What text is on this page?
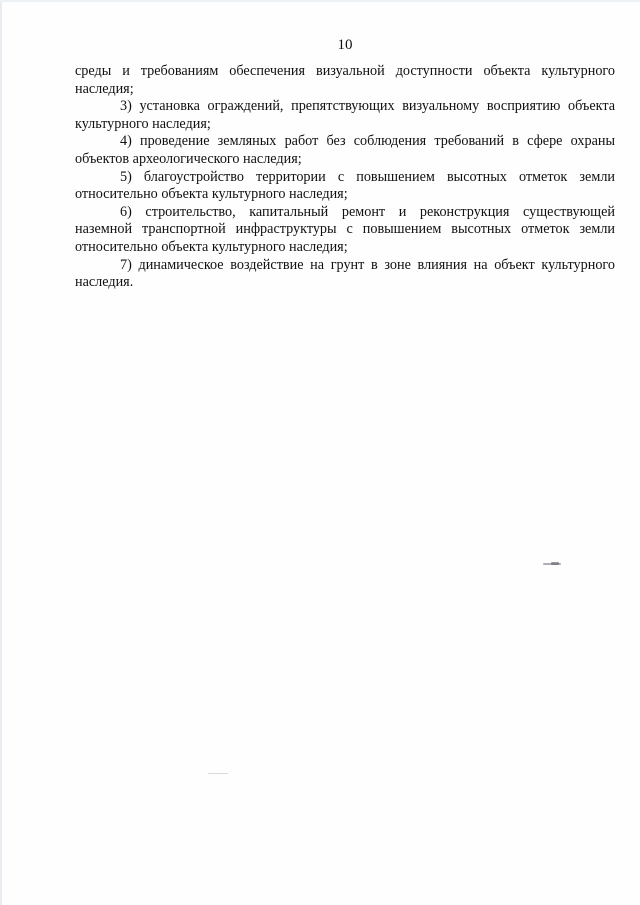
10

среды и требованиям обеспечения визуальной доступности объекта культурного наследия;

3) установка ограждений, препятствующих визуальному восприятию объекта культурного наследия;

4) проведение земляных работ без соблюдения требований в сфере охраны объектов археологического наследия;

5) благоустройство территории с повышением высотных отметок земли относительно объекта культурного наследия;

6) строительство, капитальный ремонт и реконструкция существующей наземной транспортной инфраструктуры с повышением высотных отметок земли относительно объекта культурного наследия;

7) динамическое воздействие на грунт в зоне влияния на объект культурного наследия.
